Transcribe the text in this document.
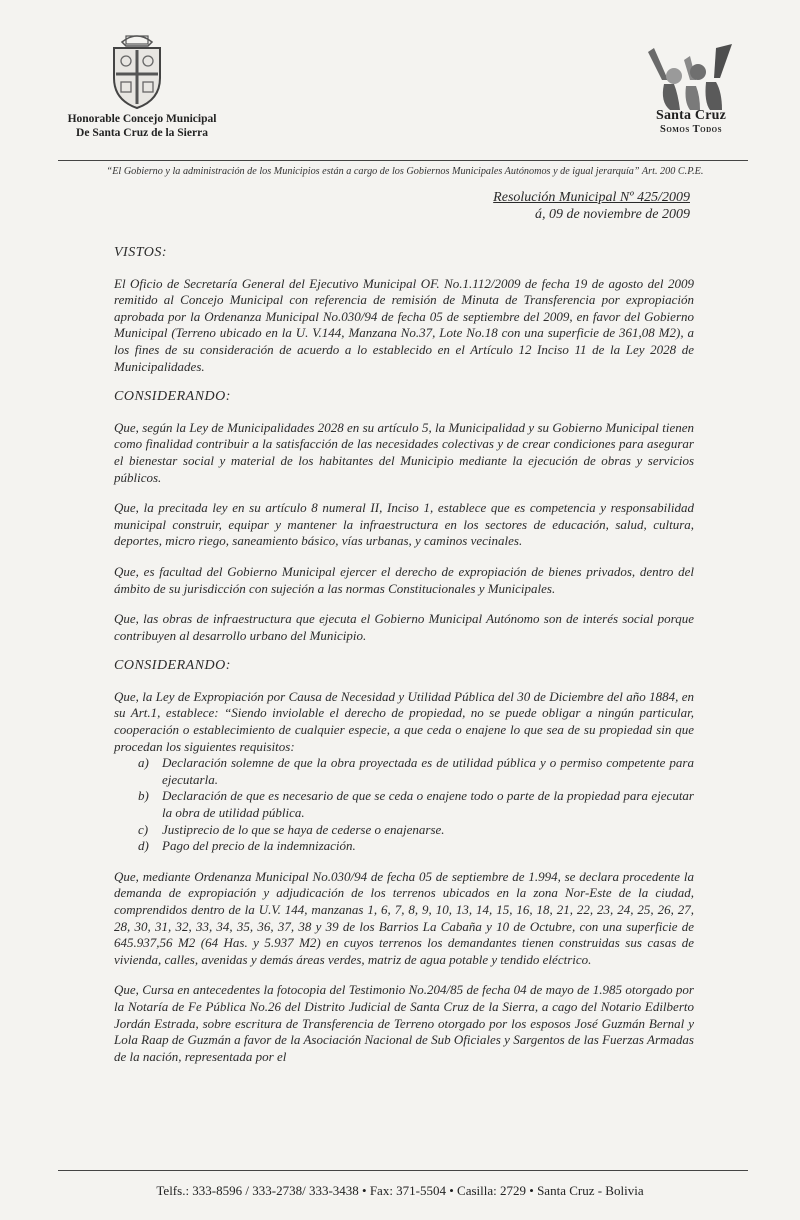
Honorable Concejo Municipal
De Santa Cruz de la Sierra
Santa Cruz
Somos Todos
“El Gobierno y la administración de los Municipios están a cargo de los Gobiernos Municipales Autónomos y de igual jerarquía” Art. 200 C.P.E.
Resolución Municipal Nº 425/2009
á, 09 de noviembre de 2009
VISTOS:

El Oficio de Secretaría General del Ejecutivo Municipal OF. No.1.112/2009 de fecha 19 de agosto del 2009 remitido al Concejo Municipal con referencia de remisión de Minuta de Transferencia por expropiación aprobada por la Ordenanza Municipal No.030/94 de fecha 05 de septiembre del 2009, en favor del Gobierno Municipal (Terreno ubicado en la U. V.144, Manzana No.37, Lote No.18 con una superficie de 361,08 M2), a los fines de su consideración de acuerdo a lo establecido en el Artículo 12 Inciso 11 de la Ley 2028 de Municipalidades.

CONSIDERANDO:

Que, según la Ley de Municipalidades 2028 en su artículo 5, la Municipalidad y su Gobierno Municipal tienen como finalidad contribuir a la satisfacción de las necesidades colectivas y de crear condiciones para asegurar el bienestar social y material de los habitantes del Municipio mediante la ejecución de obras y servicios públicos.

Que, la precitada ley en su artículo 8 numeral II, Inciso 1, establece que es competencia y responsabilidad municipal construir, equipar y mantener la infraestructura en los sectores de educación, salud, cultura, deportes, micro riego, saneamiento básico, vías urbanas, y caminos vecinales.

Que, es facultad del Gobierno Municipal ejercer el derecho de expropiación de bienes privados, dentro del ámbito de su jurisdicción con sujeción a las normas Constitucionales y Municipales.

Que, las obras de infraestructura que ejecuta el Gobierno Municipal Autónomo son de interés social porque contribuyen al desarrollo urbano del Municipio.

CONSIDERANDO:

Que, la Ley de Expropiación por Causa de Necesidad y Utilidad Pública del 30 de Diciembre del año 1884, en su Art.1, establece: “Siendo inviolable el derecho de propiedad, no se puede obligar a ningún particular, cooperación o establecimiento de cualquier especie, a que ceda o enajene lo que sea de su propiedad sin que procedan los siguientes requisitos:

a)	Declaración solemne de que la obra proyectada es de utilidad pública y o permiso competente para ejecutarla.
b)	Declaración de que es necesario de que se ceda o enajene todo o parte de la propiedad para ejecutar la obra de utilidad pública.
c)	Justiprecio de lo que se haya de cederse o enajenarse.
d)	Pago del precio de la indemnización.

Que, mediante Ordenanza Municipal No.030/94 de fecha 05 de septiembre de 1.994, se declara procedente la demanda de expropiación y adjudicación de los terrenos ubicados en la zona Nor-Este de la ciudad, comprendidos dentro de la U.V. 144, manzanas 1, 6, 7, 8, 9, 10, 13, 14, 15, 16, 18, 21, 22, 23, 24, 25, 26, 27, 28, 30, 31, 32, 33, 34, 35, 36, 37, 38 y 39 de los Barrios La Cabaña y 10 de Octubre, con una superficie de 645.937,56 M2 (64 Has. y 5.937 M2) en cuyos terrenos los demandantes tienen construidas sus casas de vivienda, calles, avenidas y demás áreas verdes, matriz de agua potable y tendido eléctrico.

Que, Cursa en antecedentes la fotocopia del Testimonio No.204/85 de fecha 04 de mayo de 1.985 otorgado por la Notaría de Fe Pública No.26 del Distrito Judicial de Santa Cruz de la Sierra, a cago del Notario Edilberto Jordán Estrada, sobre escritura de Transferencia de Terreno otorgado por los esposos José Guzmán Bernal y Lola Raap de Guzmán a favor de la Asociación Nacional de Sub Oficiales y Sargentos de las Fuerzas Armadas de la nación, representada por el

Telfs.: 333-8596 / 333-2738/ 333-3438 • Fax: 371-5504 • Casilla: 2729 • Santa Cruz - Bolivia
